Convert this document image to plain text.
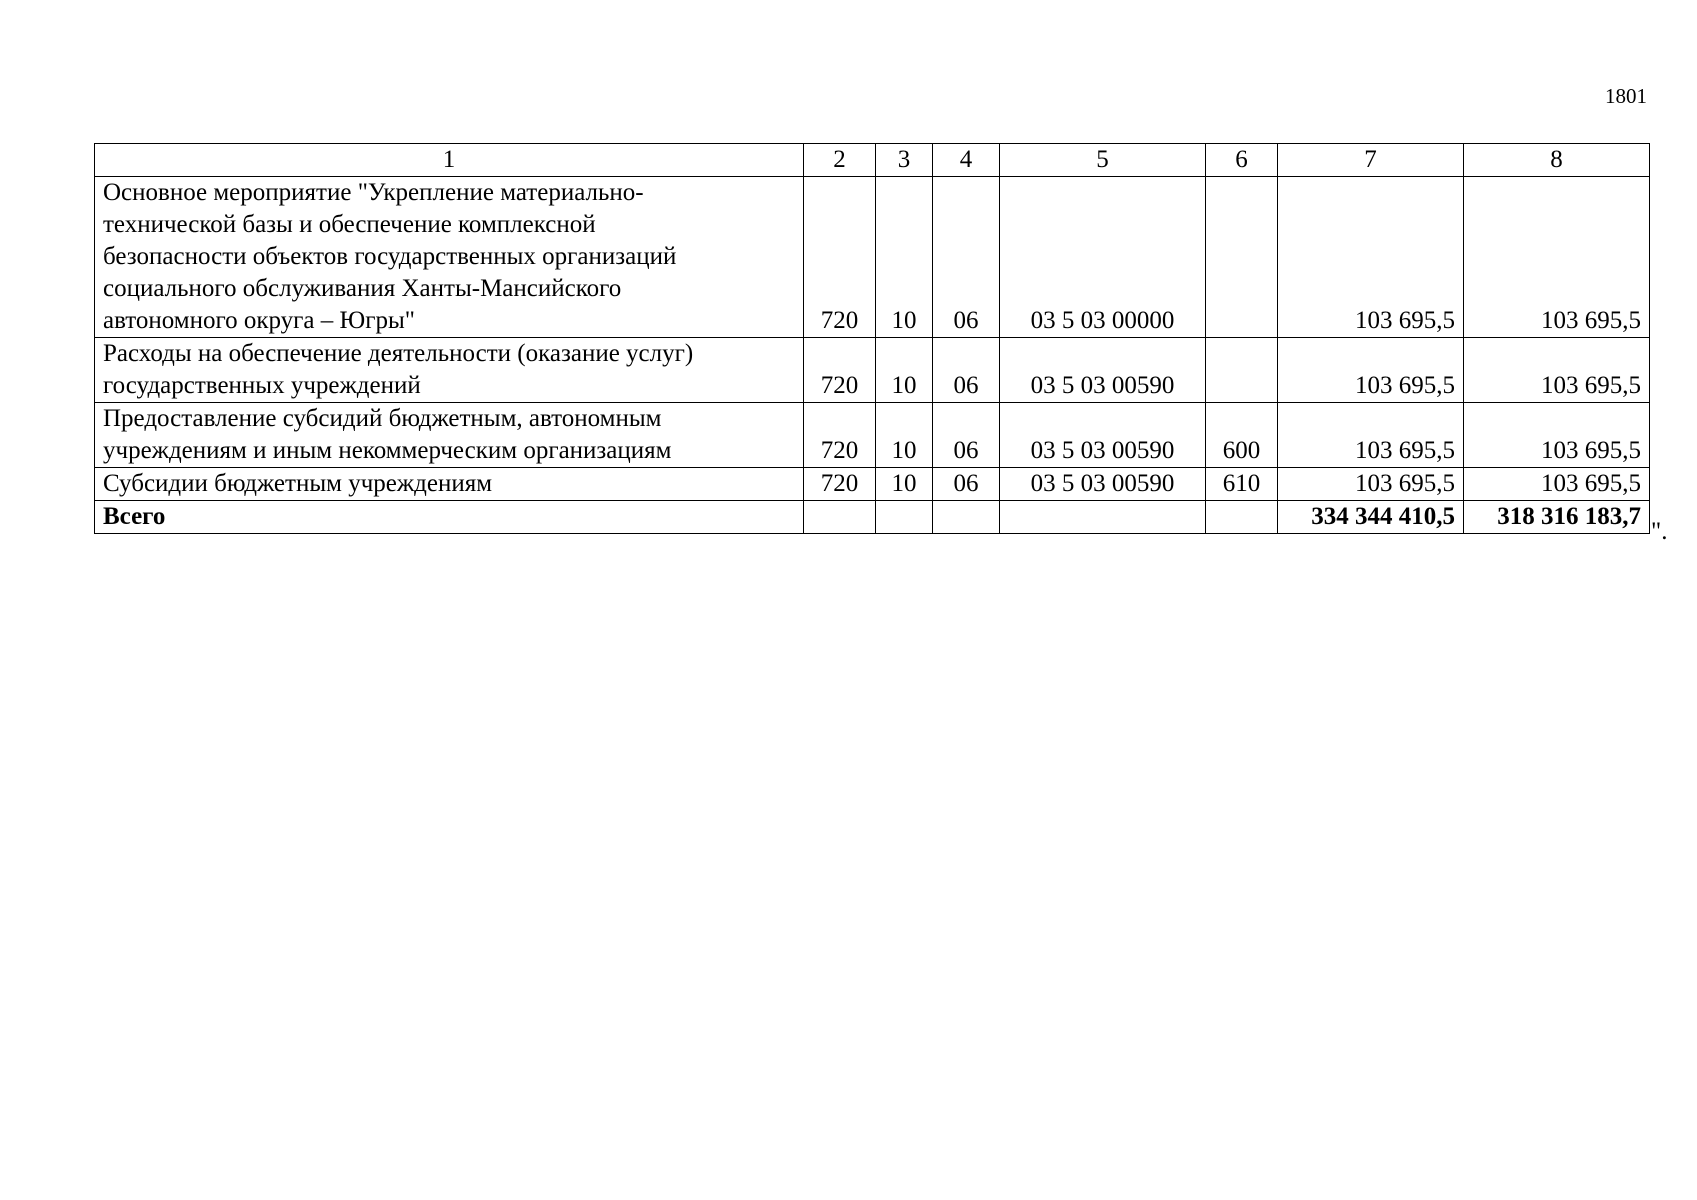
1801
1	2	3	4	5	6	7	8

Основное мероприятие "Укрепление материально-
технической базы и обеспечение комплексной
безопасности объектов государственных организаций
социального обслуживания Ханты-Мансийского
автономного округа – Югры"	720	10	06	03 5 03 00000		103 695,5	103 695,5

Расходы на обеспечение деятельности (оказание услуг)
государственных учреждений	720	10	06	03 5 03 00590		103 695,5	103 695,5

Предоставление субсидий бюджетным, автономным
учреждениям и иным некоммерческим организациям	720	10	06	03 5 03 00590	600	103 695,5	103 695,5

Субсидии бюджетным учреждениям	720	10	06	03 5 03 00590	610	103 695,5	103 695,5
Всего						334 344 410,5	318 316 183,7
".
